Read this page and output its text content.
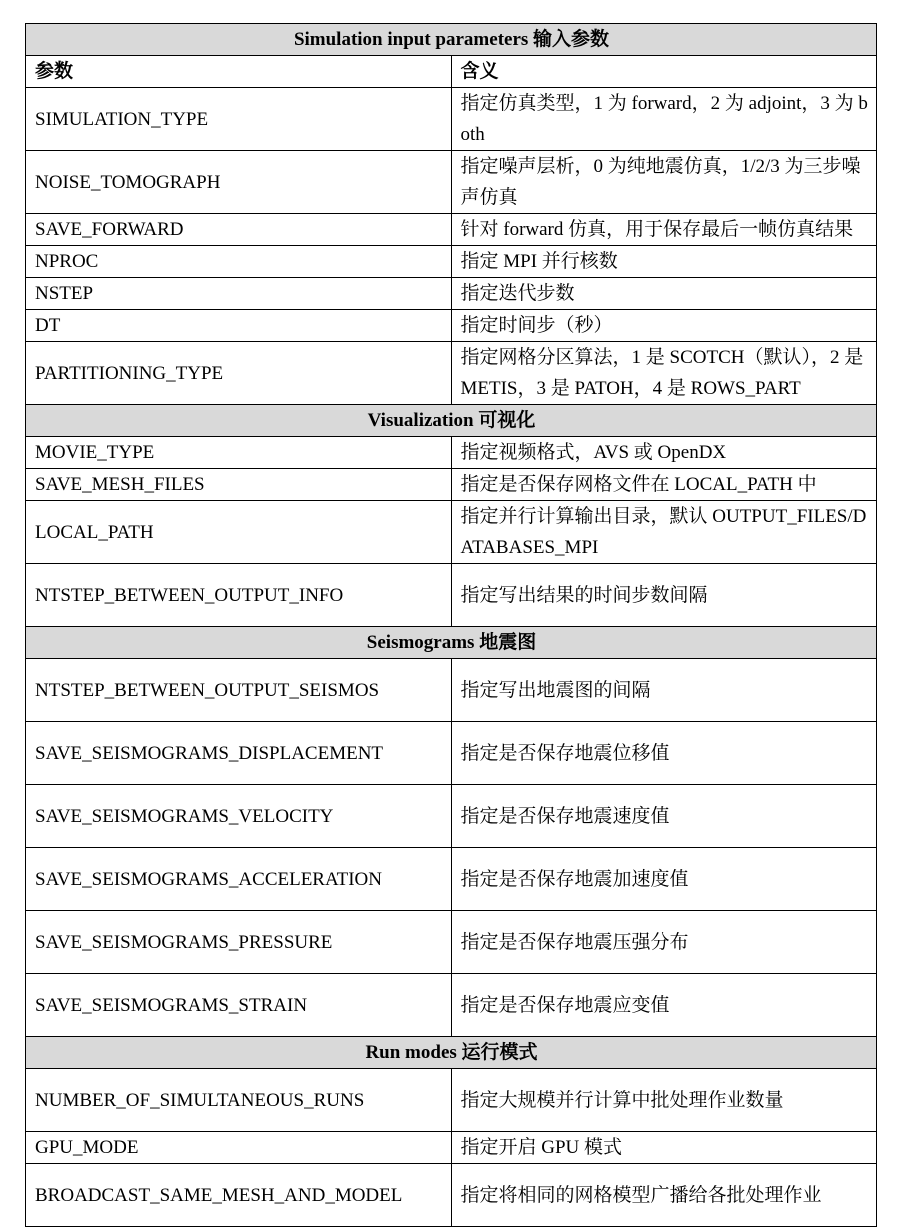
Simulation input parameters 输入参数	
参数	含义
SIMULATION_TYPE	指定仿真类型，1 为 forward，2 为 adjoint，3 为 both
NOISE_TOMOGRAPH	指定噪声层析，0 为纯地震仿真，1/2/3 为三步噪声仿真
SAVE_FORWARD	针对 forward 仿真，用于保存最后一帧仿真结果
NPROC	指定 MPI 并行核数
NSTEP	指定迭代步数
DT	指定时间步（秒）
PARTITIONING_TYPE	指定网格分区算法，1 是 SCOTCH（默认），2 是 METIS，3 是 PATOH，4 是 ROWS_PART
Visualization 可视化	
MOVIE_TYPE	指定视频格式，AVS 或 OpenDX
SAVE_MESH_FILES	指定是否保存网格文件在 LOCAL_PATH 中
LOCAL_PATH	指定并行计算输出目录，默认 OUTPUT_FILES/DATABASES_MPI
NTSTEP_BETWEEN_OUTPUT_INFO	指定写出结果的时间步数间隔
Seismograms 地震图	
NTSTEP_BETWEEN_OUTPUT_SEISMOS	指定写出地震图的间隔
SAVE_SEISMOGRAMS_DISPLACEMENT	指定是否保存地震位移值
SAVE_SEISMOGRAMS_VELOCITY	指定是否保存地震速度值
SAVE_SEISMOGRAMS_ACCELERATION	指定是否保存地震加速度值
SAVE_SEISMOGRAMS_PRESSURE	指定是否保存地震压强分布
SAVE_SEISMOGRAMS_STRAIN	指定是否保存地震应变值
Run modes 运行模式	
NUMBER_OF_SIMULTANEOUS_RUNS	指定大规模并行计算中批处理作业数量
GPU_MODE	指定开启 GPU 模式
BROADCAST_SAME_MESH_AND_MODEL	指定将相同的网格模型广播给各批处理作业
